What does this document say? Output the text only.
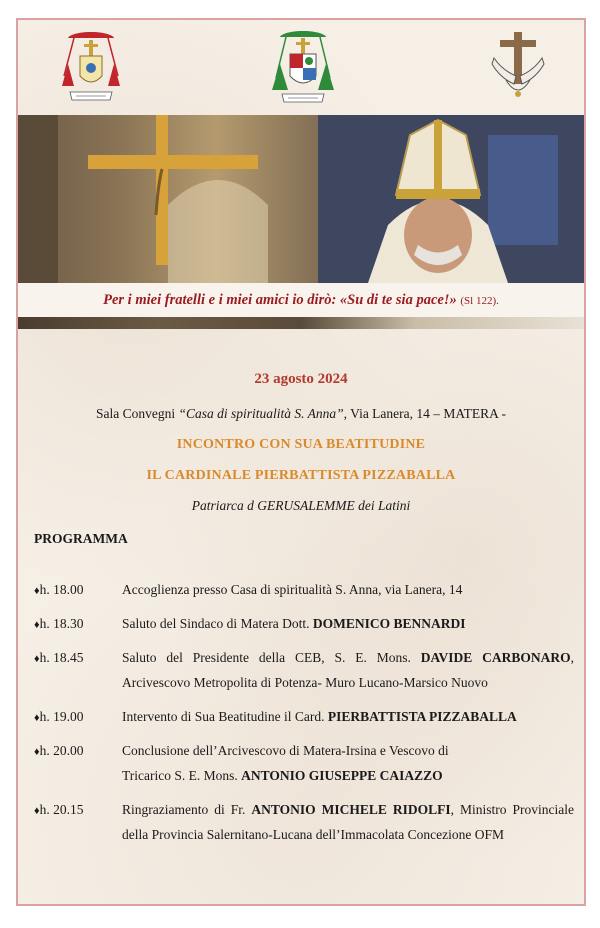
Per i miei fratelli e i miei amici io dirò: «Su di te sia pace!» (Sl 122).
23 agosto 2024
Sala Convegni “Casa di spiritualità S. Anna”, Via Lanera, 14 – MATERA -
INCONTRO CON SUA BEATITUDINE
IL CARDINALE PIERBATTISTA PIZZABALLA
Patriarca d GERUSALEMME dei Latini
PROGRAMMA
♦h. 18.00	Accoglienza presso Casa di spiritualità S. Anna, via Lanera, 14
♦h. 18.30	Saluto del Sindaco di Matera Dott. DOMENICO BENNARDI
♦h. 18.45	Saluto del Presidente della CEB, S. E. Mons. DAVIDE CARBONARO, Arcivescovo Metropolita di Potenza- Muro Lucano-Marsico Nuovo
♦h. 19.00	Intervento di Sua Beatitudine il Card. PIERBATTISTA PIZZABALLA
♦h. 20.00	Conclusione dell’Arcivescovo di Matera-Irsina e Vescovo di Tricarico S. E. Mons. ANTONIO GIUSEPPE CAIAZZO
♦h. 20.15	Ringraziamento di Fr. ANTONIO MICHELE RIDOLFI, Ministro Provinciale della Provincia Salernitano-Lucana dell’Immacolata Concezione OFM
